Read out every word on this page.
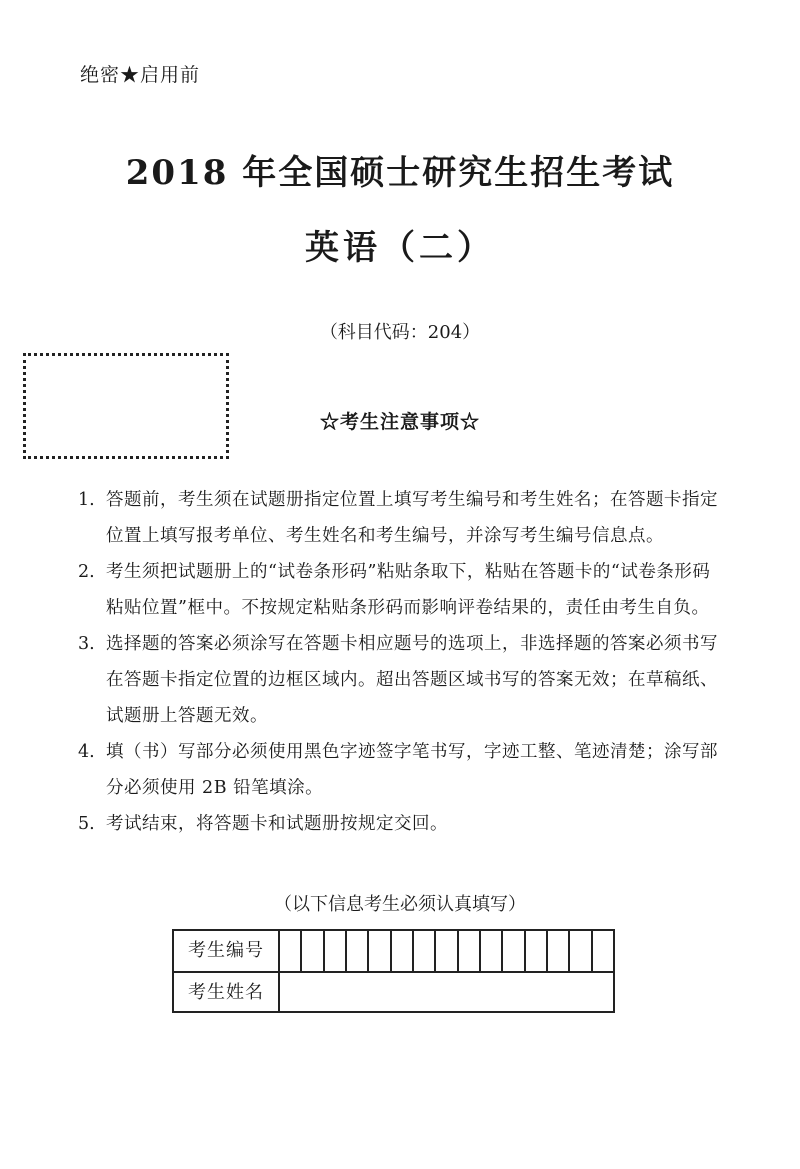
绝密★启用前
2018 年全国硕士研究生招生考试
英语（二）
（科目代码：204）
☆考生注意事项☆
1. 答题前，考生须在试题册指定位置上填写考生编号和考生姓名；在答题卡指定位置上填写报考单位、考生姓名和考生编号，并涂写考生编号信息点。
2. 考生须把试题册上的“试卷条形码”粘贴条取下，粘贴在答题卡的“试卷条形码粘贴位置”框中。不按规定粘贴条形码而影响评卷结果的，责任由考生自负。
3. 选择题的答案必须涂写在答题卡相应题号的选项上，非选择题的答案必须书写在答题卡指定位置的边框区域内。超出答题区域书写的答案无效；在草稿纸、试题册上答题无效。
4. 填（书）写部分必须使用黑色字迹签字笔书写，字迹工整、笔迹清楚；涂写部分必须使用 2B 铅笔填涂。
5. 考试结束，将答题卡和试题册按规定交回。
（以下信息考生必须认真填写）
考生编号
考生姓名
